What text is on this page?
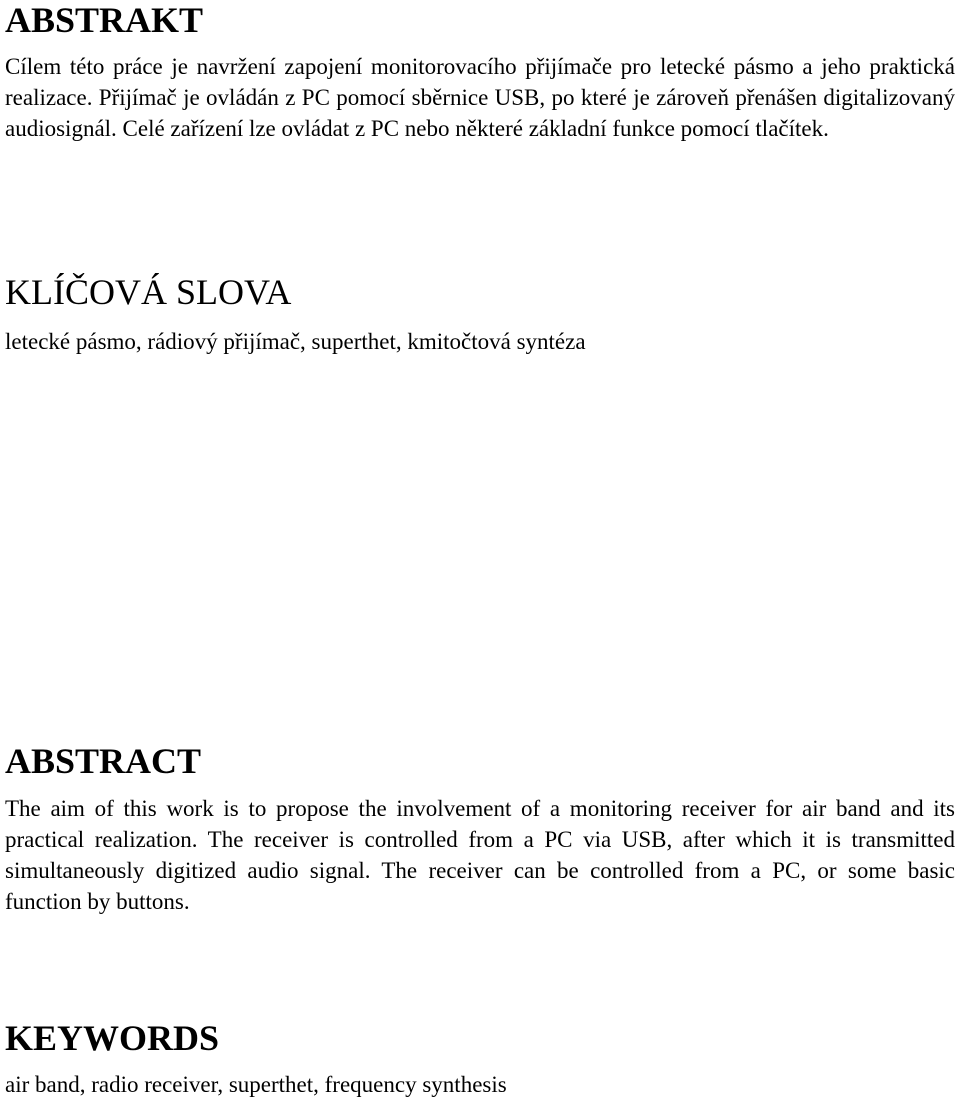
ABSTRAKT

Cílem této práce je navržení zapojení monitorovacího přijímače pro letecké pásmo a jeho praktická realizace. Přijímač je ovládán z PC pomocí sběrnice USB, po které je zároveň přenášen digitalizovaný audiosignál. Celé zařízení lze ovládat z PC nebo některé základní funkce pomocí tlačítek.

KLÍČOVÁ SLOVA

letecké pásmo, rádiový přijímač, superthet, kmitočtová syntéza

ABSTRACT

The aim of this work is to propose the involvement of a monitoring receiver for air band and its practical realization. The receiver is controlled from a PC via USB, after which it is transmitted simultaneously digitized audio signal. The receiver can be controlled from a PC, or some basic function by buttons.

KEYWORDS

air band, radio receiver, superthet, frequency synthesis
